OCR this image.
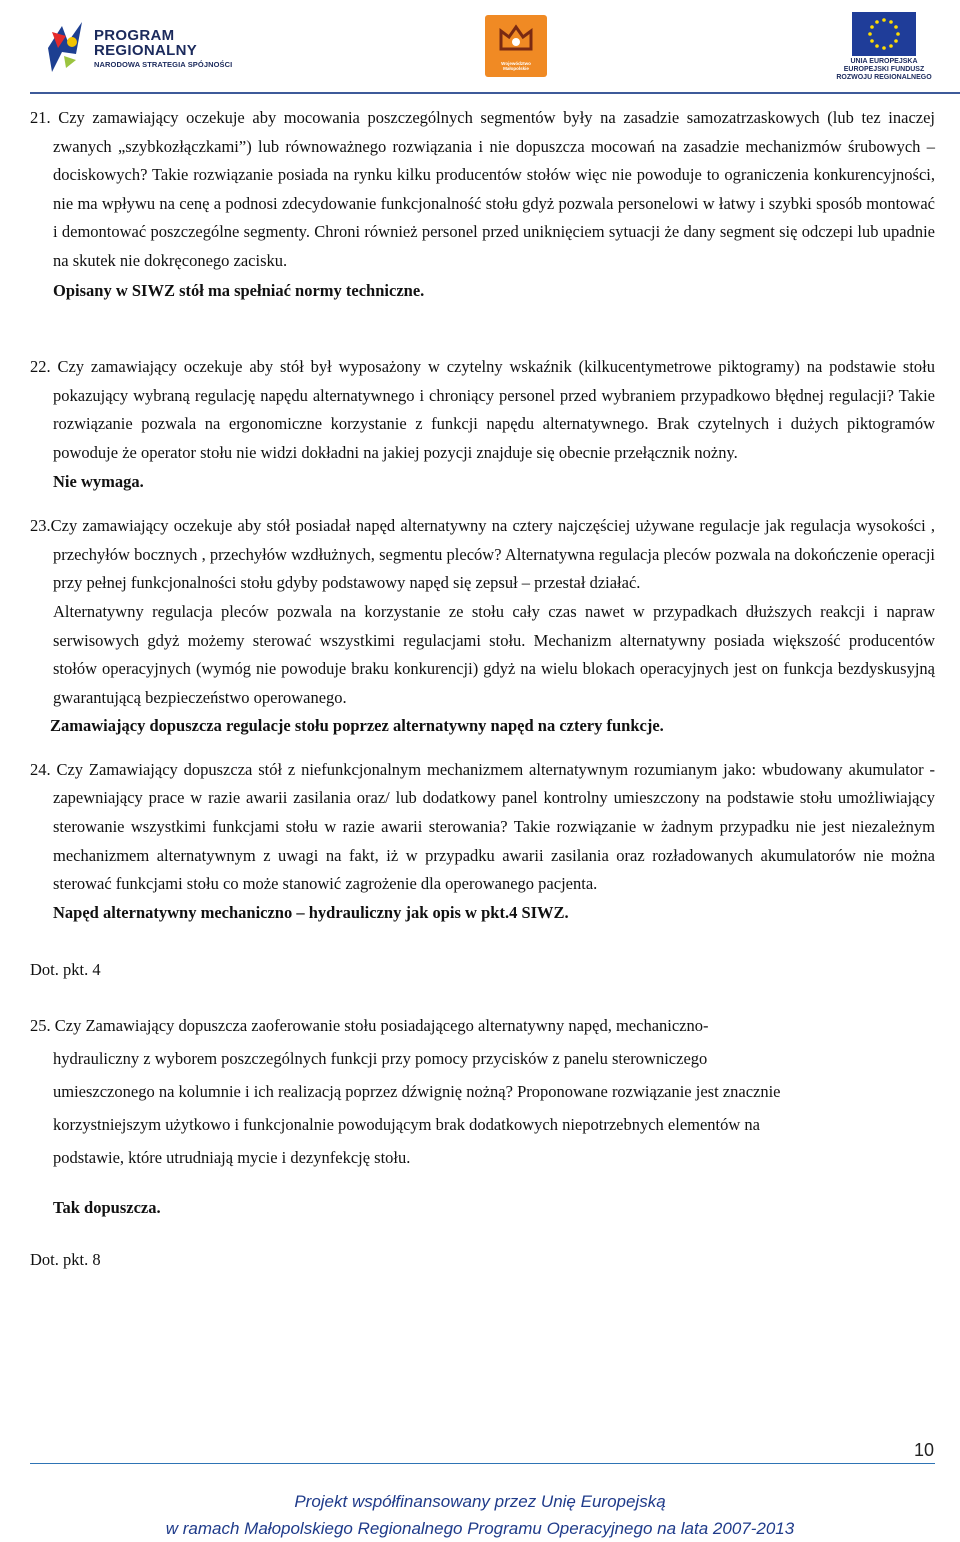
PROGRAM
REGIONALNY
NARODOWA STRATEGIA SPÓJNOŚCI	Województwo
Małopolskie
UNIA EUROPEJSKA
EUROPEJSKI FUNDUSZ
ROZWOJU REGIONALNEGO

21. Czy zamawiający oczekuje aby mocowania poszczególnych segmentów były na zasadzie samozatrzaskowych (lub tez inaczej zwanych „szybkozłączkami”) lub równoważnego rozwiązania i nie dopuszcza mocowań na zasadzie mechanizmów śrubowych – dociskowych? Takie rozwiązanie posiada na rynku kilku producentów stołów więc nie powoduje to ograniczenia konkurencyjności, nie ma wpływu na cenę a podnosi zdecydowanie funkcjonalność stołu gdyż pozwala personelowi w łatwy i szybki sposób montować i demontować poszczególne segmenty. Chroni również personel przed uniknięciem sytuacji że dany segment się odczepi lub upadnie na skutek nie dokręconego zacisku.

Opisany w SIWZ stół ma spełniać normy techniczne.

22. Czy zamawiający oczekuje aby stół był wyposażony w czytelny wskaźnik (kilkucentymetrowe piktogramy) na podstawie stołu pokazujący wybraną regulację napędu alternatywnego i chroniący personel przed wybraniem przypadkowo błędnej regulacji? Takie rozwiązanie pozwala na ergonomiczne korzystanie z funkcji napędu alternatywnego. Brak czytelnych i dużych piktogramów powoduje że operator stołu nie widzi dokładni na jakiej pozycji znajduje się obecnie przełącznik nożny.

Nie wymaga.

23.Czy zamawiający oczekuje aby stół posiadał napęd alternatywny na cztery najczęściej używane regulacje jak regulacja wysokości , przechyłów bocznych , przechyłów wzdłużnych, segmentu pleców? Alternatywna regulacja pleców pozwala na dokończenie operacji przy pełnej funkcjonalności stołu gdyby podstawowy napęd się zepsuł – przestał działać.

Alternatywny regulacja pleców pozwala na korzystanie ze stołu cały czas nawet w przypadkach dłuższych reakcji i napraw serwisowych gdyż możemy sterować wszystkimi regulacjami stołu. Mechanizm alternatywny posiada większość producentów stołów operacyjnych (wymóg nie powoduje braku konkurencji) gdyż na wielu blokach operacyjnych jest on funkcja bezdyskusyjną gwarantującą bezpieczeństwo operowanego.

Zamawiający dopuszcza regulacje stołu poprzez alternatywny napęd na cztery funkcje.

24. Czy Zamawiający dopuszcza stół z niefunkcjonalnym mechanizmem alternatywnym rozumianym jako: wbudowany akumulator - zapewniający prace w razie awarii zasilania oraz/ lub dodatkowy panel kontrolny umieszczony na podstawie stołu umożliwiający sterowanie wszystkimi funkcjami stołu w razie awarii sterowania? Takie rozwiązanie w żadnym przypadku nie jest niezależnym mechanizmem alternatywnym z uwagi na fakt, iż w przypadku awarii zasilania oraz rozładowanych akumulatorów nie można sterować funkcjami stołu co może stanowić zagrożenie dla operowanego pacjenta.

Napęd alternatywny mechaniczno – hydrauliczny jak opis w pkt.4 SIWZ.

Dot. pkt. 4

25. Czy Zamawiający dopuszcza zaoferowanie stołu posiadającego alternatywny napęd, mechaniczno-
hydrauliczny z wyborem poszczególnych funkcji przy pomocy przycisków z panelu sterowniczego
umieszczonego na kolumnie i ich realizacją poprzez dźwignię nożną? Proponowane rozwiązanie jest znacznie
korzystniejszym użytkowo i funkcjonalnie powodującym brak dodatkowych niepotrzebnych elementów na
podstawie, które utrudniają mycie i dezynfekcję stołu.

Tak dopuszcza.

Dot. pkt. 8

10
Projekt współfinansowany przez Unię Europejską
w ramach Małopolskiego Regionalnego Programu Operacyjnego na lata 2007-2013
